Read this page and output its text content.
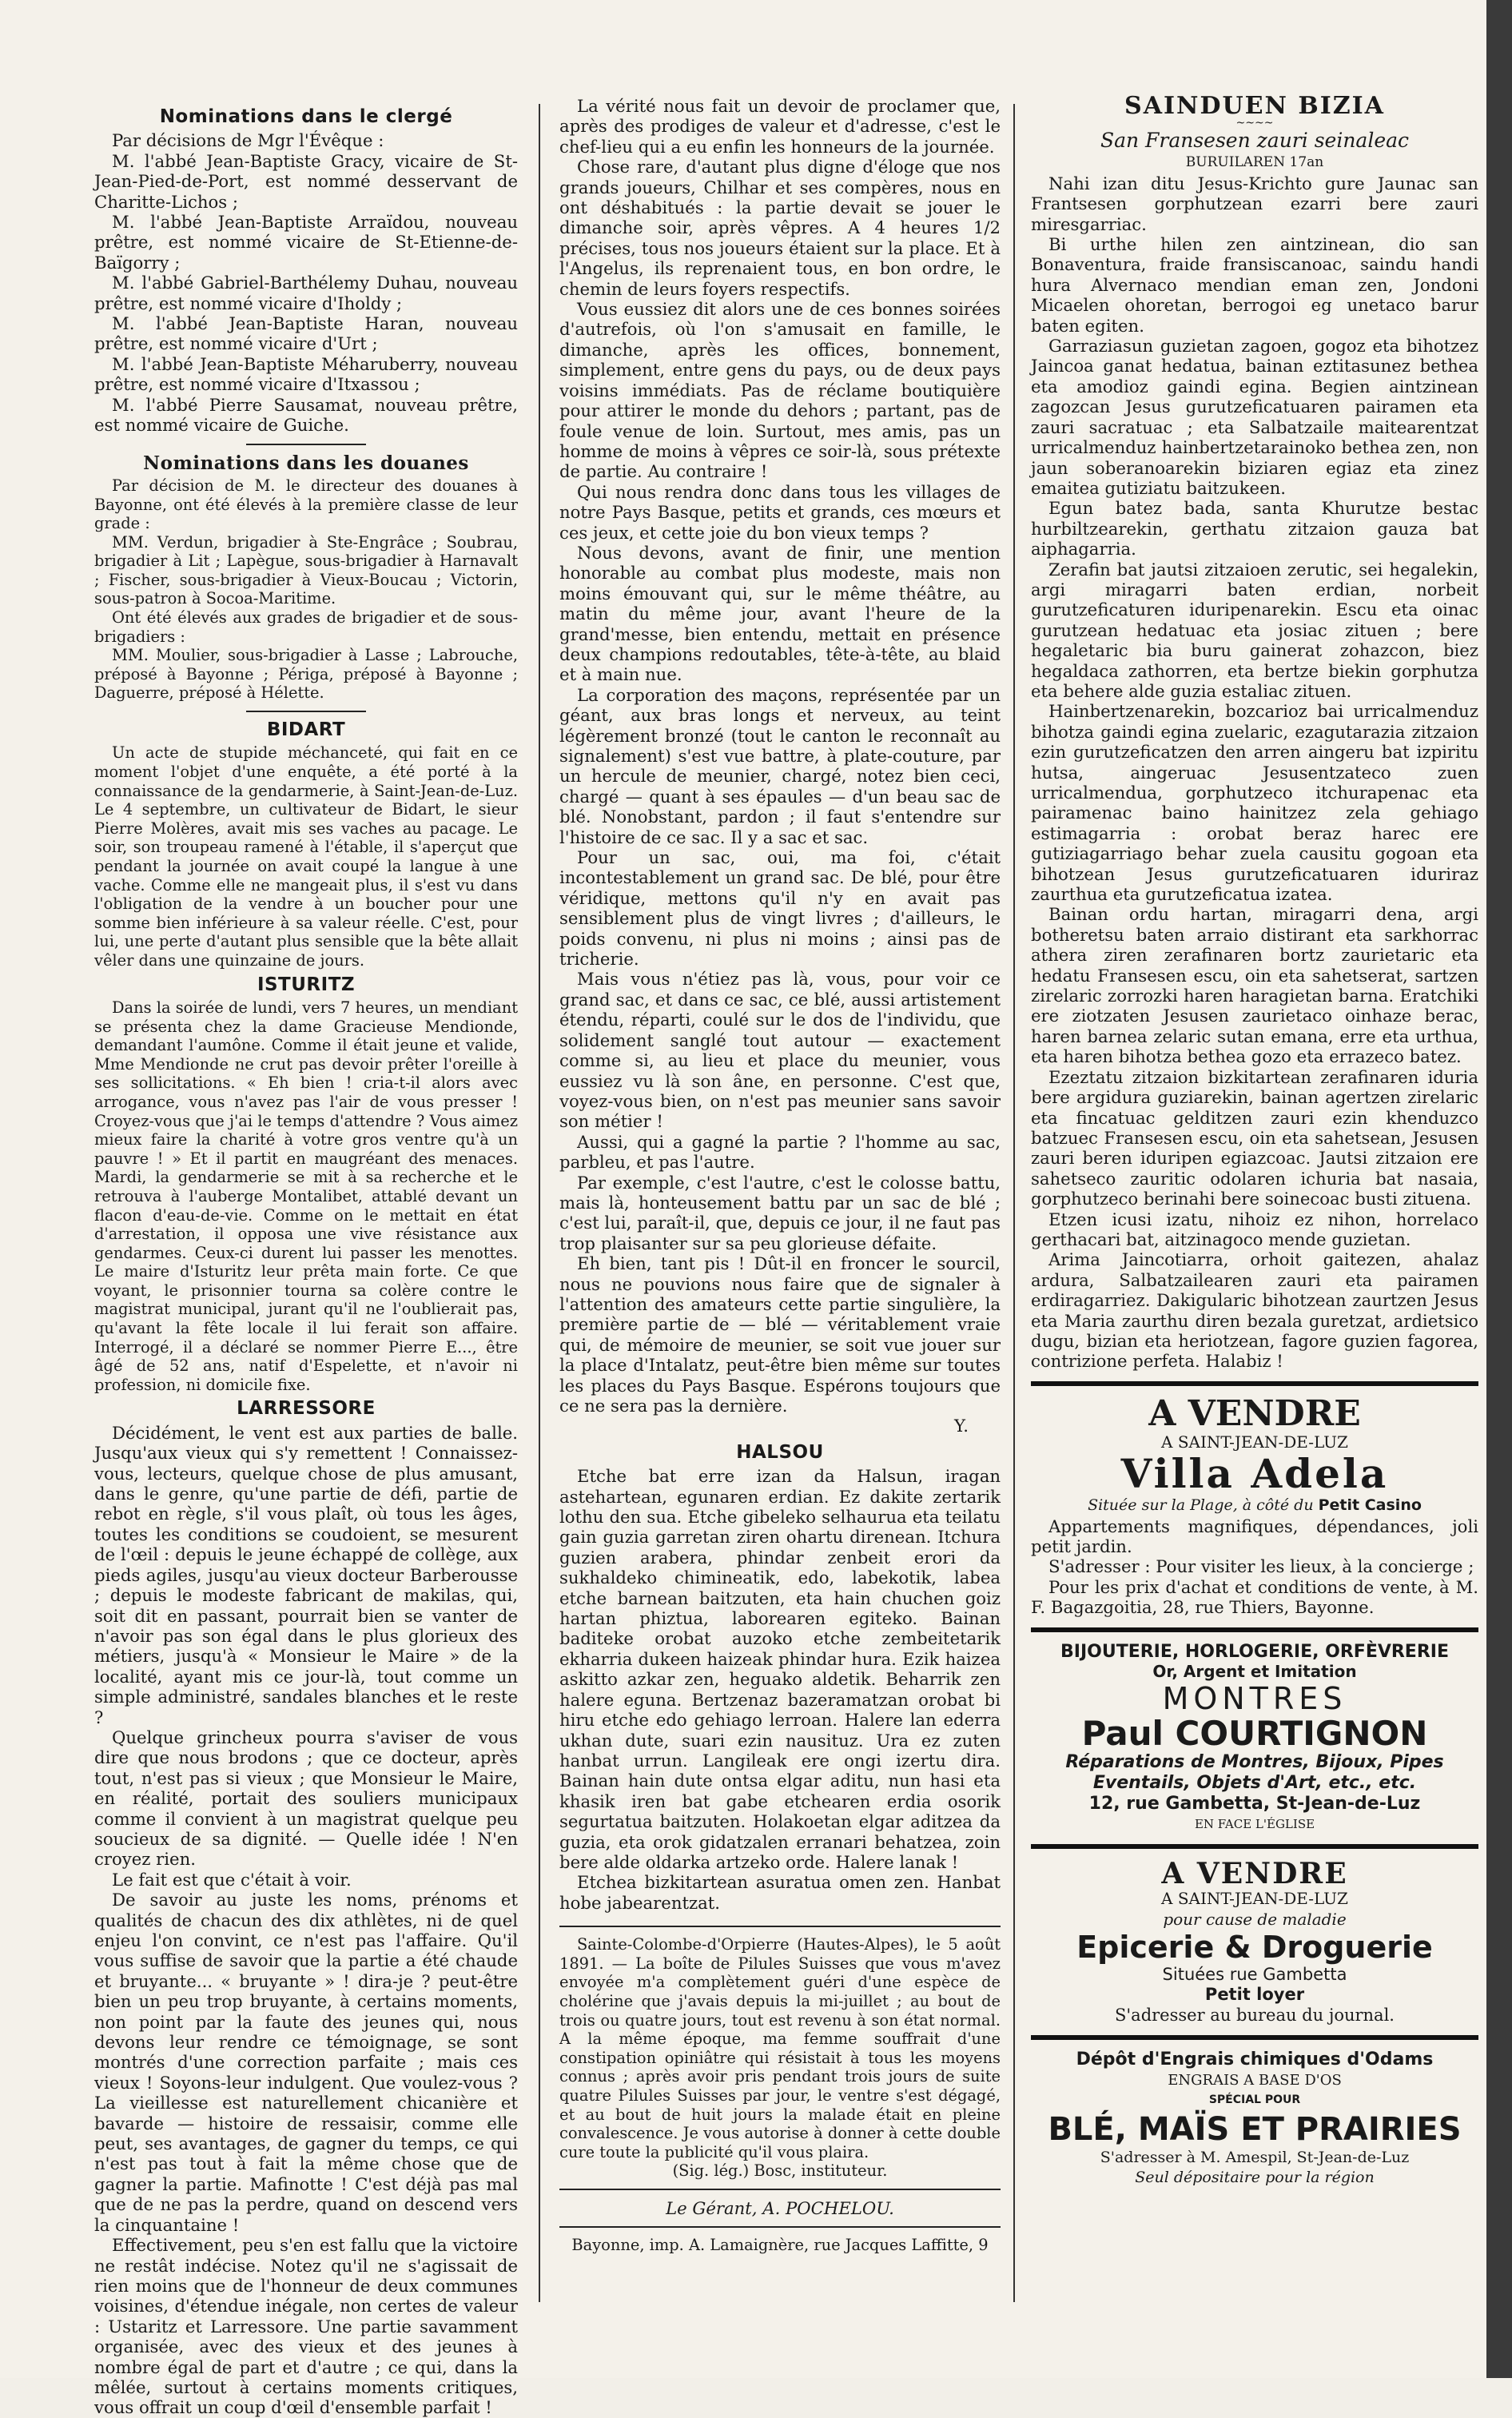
Nominations dans le clergé

Par décisions de Mgr l'Évêque :

M. l'abbé Jean-Baptiste Gracy, vicaire de St-Jean-Pied-de-Port, est nommé desservant de Charitte-Lichos ;

M. l'abbé Jean-Baptiste Arraïdou, nouveau prêtre, est nommé vicaire de St-Etienne-de-Baïgorry ;

M. l'abbé Gabriel-Barthélemy Duhau, nouveau prêtre, est nommé vicaire d'Iholdy ;

M. l'abbé Jean-Baptiste Haran, nouveau prêtre, est nommé vicaire d'Urt ;

M. l'abbé Jean-Baptiste Méharuberry, nouveau prêtre, est nommé vicaire d'Itxassou ;

M. l'abbé Pierre Sausamat, nouveau prêtre, est nommé vicaire de Guiche.

Nominations dans les douanes

Par décision de M. le directeur des douanes à Bayonne, ont été élevés à la première classe de leur grade :

MM. Verdun, brigadier à Ste-Engrâce ; Soubrau, brigadier à Lit ; Lapègue, sous-brigadier à Harnavalt ; Fischer, sous-brigadier à Vieux-Boucau ; Victorin, sous-patron à Socoa-Maritime.

Ont été élevés aux grades de brigadier et de sous-brigadiers :

MM. Moulier, sous-brigadier à Lasse ; Labrouche, préposé à Bayonne ; Périga, préposé à Bayonne ; Daguerre, préposé à Hélette.

BIDART

Un acte de stupide méchanceté, qui fait en ce moment l'objet d'une enquête, a été porté à la connaissance de la gendarmerie, à Saint-Jean-de-Luz. Le 4 septembre, un cultivateur de Bidart, le sieur Pierre Molères, avait mis ses vaches au pacage. Le soir, son troupeau ramené à l'étable, il s'aperçut que pendant la journée on avait coupé la langue à une vache. Comme elle ne mangeait plus, il s'est vu dans l'obligation de la vendre à un boucher pour une somme bien inférieure à sa valeur réelle. C'est, pour lui, une perte d'autant plus sensible que la bête allait vêler dans une quinzaine de jours.

ISTURITZ

Dans la soirée de lundi, vers 7 heures, un mendiant se présenta chez la dame Gracieuse Mendionde, demandant l'aumône. Comme il était jeune et valide, Mme Mendionde ne crut pas devoir prêter l'oreille à ses sollicitations. « Eh bien ! cria-t-il alors avec arrogance, vous n'avez pas l'air de vous presser ! Croyez-vous que j'ai le temps d'attendre ? Vous aimez mieux faire la charité à votre gros ventre qu'à un pauvre ! » Et il partit en maugréant des menaces. Mardi, la gendarmerie se mit à sa recherche et le retrouva à l'auberge Montalibet, attablé devant un flacon d'eau-de-vie. Comme on le mettait en état d'arrestation, il opposa une vive résistance aux gendarmes. Ceux-ci durent lui passer les menottes. Le maire d'Isturitz leur prêta main forte. Ce que voyant, le prisonnier tourna sa colère contre le magistrat municipal, jurant qu'il ne l'oublierait pas, qu'avant la fête locale il lui ferait son affaire. Interrogé, il a déclaré se nommer Pierre E..., être âgé de 52 ans, natif d'Espelette, et n'avoir ni profession, ni domicile fixe.

LARRESSORE

Décidément, le vent est aux parties de balle. Jusqu'aux vieux qui s'y remettent ! Connaissez-vous, lecteurs, quelque chose de plus amusant, dans le genre, qu'une partie de défi, partie de rebot en règle, s'il vous plaît, où tous les âges, toutes les conditions se coudoient, se mesurent de l'œil : depuis le jeune échappé de collège, aux pieds agiles, jusqu'au vieux docteur Barberousse ; depuis le modeste fabricant de makilas, qui, soit dit en passant, pourrait bien se vanter de n'avoir pas son égal dans le plus glorieux des métiers, jusqu'à « Monsieur le Maire » de la localité, ayant mis ce jour-là, tout comme un simple administré, sandales blanches et le reste ?

Quelque grincheux pourra s'aviser de vous dire que nous brodons ; que ce docteur, après tout, n'est pas si vieux ; que Monsieur le Maire, en réalité, portait des souliers municipaux comme il convient à un magistrat quelque peu soucieux de sa dignité. — Quelle idée ! N'en croyez rien.

Le fait est que c'était à voir.

De savoir au juste les noms, prénoms et qualités de chacun des dix athlètes, ni de quel enjeu l'on convint, ce n'est pas l'affaire. Qu'il vous suffise de savoir que la partie a été chaude et bruyante... « bruyante » ! dira-je ? peut-être bien un peu trop bruyante, à certains moments, non point par la faute des jeunes qui, nous devons leur rendre ce témoignage, se sont montrés d'une correction parfaite ; mais ces vieux ! Soyons-leur indulgent. Que voulez-vous ? La vieillesse est naturellement chicanière et bavarde — histoire de ressaisir, comme elle peut, ses avantages, de gagner du temps, ce qui n'est pas tout à fait la même chose que de gagner la partie. Mafinotte ! C'est déjà pas mal que de ne pas la perdre, quand on descend vers la cinquantaine !

Effectivement, peu s'en est fallu que la victoire ne restât indécise. Notez qu'il ne s'agissait de rien moins que de l'honneur de deux communes voisines, d'étendue inégale, non certes de valeur : Ustaritz et Larressore. Une partie savamment organisée, avec des vieux et des jeunes à nombre égal de part et d'autre ; ce qui, dans la mêlée, surtout à certains moments critiques, vous offrait un coup d'œil d'ensemble parfait !

La vérité nous fait un devoir de proclamer que, après des prodiges de valeur et d'adresse, c'est le chef-lieu qui a eu enfin les honneurs de la journée.

Chose rare, d'autant plus digne d'éloge que nos grands joueurs, Chilhar et ses compères, nous en ont déshabitués : la partie devait se jouer le dimanche soir, après vêpres. A 4 heures 1/2 précises, tous nos joueurs étaient sur la place. Et à l'Angelus, ils reprenaient tous, en bon ordre, le chemin de leurs foyers respectifs.

Vous eussiez dit alors une de ces bonnes soirées d'autrefois, où l'on s'amusait en famille, le dimanche, après les offices, bonnement, simplement, entre gens du pays, ou de deux pays voisins immédiats. Pas de réclame boutiquière pour attirer le monde du dehors ; partant, pas de foule venue de loin. Surtout, mes amis, pas un homme de moins à vêpres ce soir-là, sous prétexte de partie. Au contraire !

Qui nous rendra donc dans tous les villages de notre Pays Basque, petits et grands, ces mœurs et ces jeux, et cette joie du bon vieux temps ?

Nous devons, avant de finir, une mention honorable au combat plus modeste, mais non moins émouvant qui, sur le même théâtre, au matin du même jour, avant l'heure de la grand'messe, bien entendu, mettait en présence deux champions redoutables, tête-à-tête, au blaid et à main nue.

La corporation des maçons, représentée par un géant, aux bras longs et nerveux, au teint légèrement bronzé (tout le canton le reconnaît au signalement) s'est vue battre, à plate-couture, par un hercule de meunier, chargé, notez bien ceci, chargé — quant à ses épaules — d'un beau sac de blé. Nonobstant, pardon ; il faut s'entendre sur l'histoire de ce sac. Il y a sac et sac.

Pour un sac, oui, ma foi, c'était incontestablement un grand sac. De blé, pour être véridique, mettons qu'il n'y en avait pas sensiblement plus de vingt livres ; d'ailleurs, le poids convenu, ni plus ni moins ; ainsi pas de tricherie.

Mais vous n'étiez pas là, vous, pour voir ce grand sac, et dans ce sac, ce blé, aussi artistement étendu, réparti, coulé sur le dos de l'individu, que solidement sanglé tout autour — exactement comme si, au lieu et place du meunier, vous eussiez vu là son âne, en personne. C'est que, voyez-vous bien, on n'est pas meunier sans savoir son métier !

Aussi, qui a gagné la partie ? l'homme au sac, parbleu, et pas l'autre.

Par exemple, c'est l'autre, c'est le colosse battu, mais là, honteusement battu par un sac de blé ; c'est lui, paraît-il, que, depuis ce jour, il ne faut pas trop plaisanter sur sa peu glorieuse défaite.

Eh bien, tant pis ! Dût-il en froncer le sourcil, nous ne pouvions nous faire que de signaler à l'attention des amateurs cette partie singulière, la première partie de — blé — véritablement vraie qui, de mémoire de meunier, se soit vue jouer sur la place d'Intalatz, peut-être bien même sur toutes les places du Pays Basque. Espérons toujours que ce ne sera pas la dernière.

Y.

HALSOU

Etche bat erre izan da Halsun, iragan astehartean, egunaren erdian. Ez dakite zertarik lothu den sua. Etche gibeleko selhaurua eta teilatu gain guzia garretan ziren ohartu direnean. Itchura guzien arabera, phindar zenbeit erori da sukhaldeko chimineatik, edo, labekotik, labea etche barnean baitzuten, eta hain chuchen goiz hartan phiztua, laborearen egiteko. Bainan baditeke orobat auzoko etche zembeitetarik ekharria dukeen haizeak phindar hura. Ezik haizea askitto azkar zen, heguako aldetik. Beharrik zen halere eguna. Bertzenaz bazeramatzan orobat bi hiru etche edo gehiago lerroan. Halere lan ederra ukhan dute, suari ezin nausituz. Ura ez zuten hanbat urrun. Langileak ere ongi izertu dira. Bainan hain dute ontsa elgar aditu, nun hasi eta khasik iren bat gabe etchearen erdia osorik segurtatua baitzuten. Holakoetan elgar aditzea da guzia, eta orok gidatzalen erranari behatzea, zoin bere alde oldarka artzeko orde. Halere lanak !

Etchea bizkitartean asuratua omen zen. Hanbat hobe jabearentzat.

Sainte-Colombe-d'Orpierre (Hautes-Alpes), le 5 août 1891. — La boîte de Pilules Suisses que vous m'avez envoyée m'a complètement guéri d'une espèce de cholérine que j'avais depuis la mi-juillet ; au bout de trois ou quatre jours, tout est revenu à son état normal. A la même époque, ma femme souffrait d'une constipation opiniâtre qui résistait à tous les moyens connus ; après avoir pris pendant trois jours de suite quatre Pilules Suisses par jour, le ventre s'est dégagé, et au bout de huit jours la malade était en pleine convalescence. Je vous autorise à donner à cette double cure toute la publicité qu'il vous plaira.

(Sig. lég.) Bosc, instituteur.

Le Gérant, A. POCHELOU.

Bayonne, imp. A. Lamaignère, rue Jacques Laffitte, 9

SAINDUEN BIZIA
~~~~
San Fransesen zauri seinaleac
BURUILAREN 17an

Nahi izan ditu Jesus-Krichto gure Jaunac san Frantsesen gorphutzean ezarri bere zauri miresgarriac.

Bi urthe hilen zen aintzinean, dio san Bonaventura, fraide fransiscanoac, saindu handi hura Alvernaco mendian eman zen, Jondoni Micaelen ohoretan, berrogoi eg unetaco barur baten egiten.

Garraziasun guzietan zagoen, gogoz eta bihotzez Jaincoa ganat hedatua, bainan eztitasunez bethea eta amodioz gaindi egina. Begien aintzinean zagozcan Jesus gurutzeficatuaren pairamen eta zauri sacratuac ; eta Salbatzaile maitearentzat urricalmenduz hainbertzetarainoko bethea zen, non jaun soberanoarekin biziaren egiaz eta zinez emaitea gutiziatu baitzukeen.

Egun batez bada, santa Khurutze bestac hurbiltzearekin, gerthatu zitzaion gauza bat aiphagarria.

Zerafin bat jautsi zitzaioen zerutic, sei hegalekin, argi miragarri baten erdian, norbeit gurutzeficaturen iduripenarekin. Escu eta oinac gurutzean hedatuac eta josiac zituen ; bere hegaletaric bia buru gainerat zohazcon, biez hegaldaca zathorren, eta bertze biekin gorphutza eta behere alde guzia estaliac zituen.

Hainbertzenarekin, bozcarioz bai urricalmenduz bihotza gaindi egina zuelaric, ezagutarazia zitzaion ezin gurutzeficatzen den arren aingeru bat izpiritu hutsa, aingeruac Jesusentzateco zuen urricalmendua, gorphutzeco itchurapenac eta pairamenac baino hainitzez zela gehiago estimagarria : orobat beraz harec ere gutiziagarriago behar zuela causitu gogoan eta bihotzean Jesus gurutzeficatuaren iduriraz zaurthua eta gurutzeficatua izatea.

Bainan ordu hartan, miragarri dena, argi botheretsu baten arraio distirant eta sarkhorrac athera ziren zerafinaren bortz zaurietaric eta hedatu Fransesen escu, oin eta sahetserat, sartzen zirelaric zorrozki haren haragietan barna. Eratchiki ere ziotzaten Jesusen zaurietaco oinhaze berac, haren barnea zelaric sutan emana, erre eta urthua, eta haren bihotza bethea gozo eta errazeco batez.

Ezeztatu zitzaion bizkitartean zerafinaren iduria bere argidura guziarekin, bainan agertzen zirelaric eta fincatuac gelditzen zauri ezin khenduzco batzuec Fransesen escu, oin eta sahetsean, Jesusen zauri beren iduripen egiazcoac. Jautsi zitzaion ere sahetseco zauritic odolaren ichuria bat nasaia, gorphutzeco berinahi bere soinecoac busti zituena.

Etzen icusi izatu, nihoiz ez nihon, horrelaco gerthacari bat, aitzinagoco mende guzietan.

Arima Jaincotiarra, orhoit gaitezen, ahalaz ardura, Salbatzailearen zauri eta pairamen erdiragarriez. Dakigularic bihotzean zaurtzen Jesus eta Maria zaurthu diren bezala guretzat, ardietsico dugu, bizian eta heriotzean, fagore guzien fagorea, contrizione perfeta. Halabiz !

A VENDRE
A SAINT-JEAN-DE-LUZ
Villa Adela
Située sur la Plage, à côté du Petit Casino

Appartements magnifiques, dépendances, joli petit jardin.

S'adresser : Pour visiter les lieux, à la concierge ;

Pour les prix d'achat et conditions de vente, à M. F. Bagazgoitia, 28, rue Thiers, Bayonne.

BIJOUTERIE, HORLOGERIE, ORFÈVRERIE
Or, Argent et Imitation
MONTRES
Paul COURTIGNON
Réparations de Montres, Bijoux, Pipes Eventails, Objets d'Art, etc., etc.
12, rue Gambetta, St-Jean-de-Luz
EN FACE L'ÉGLISE
A VENDRE
A SAINT-JEAN-DE-LUZ
pour cause de maladie
Epicerie & Droguerie
Situées rue Gambetta
Petit loyer
S'adresser au bureau du journal.
Dépôt d'Engrais chimiques d'Odams
ENGRAIS A BASE D'OS
SPÉCIAL POUR
BLÉ, MAÏS ET PRAIRIES
S'adresser à M. Amespil, St-Jean-de-Luz
Seul dépositaire pour la région
